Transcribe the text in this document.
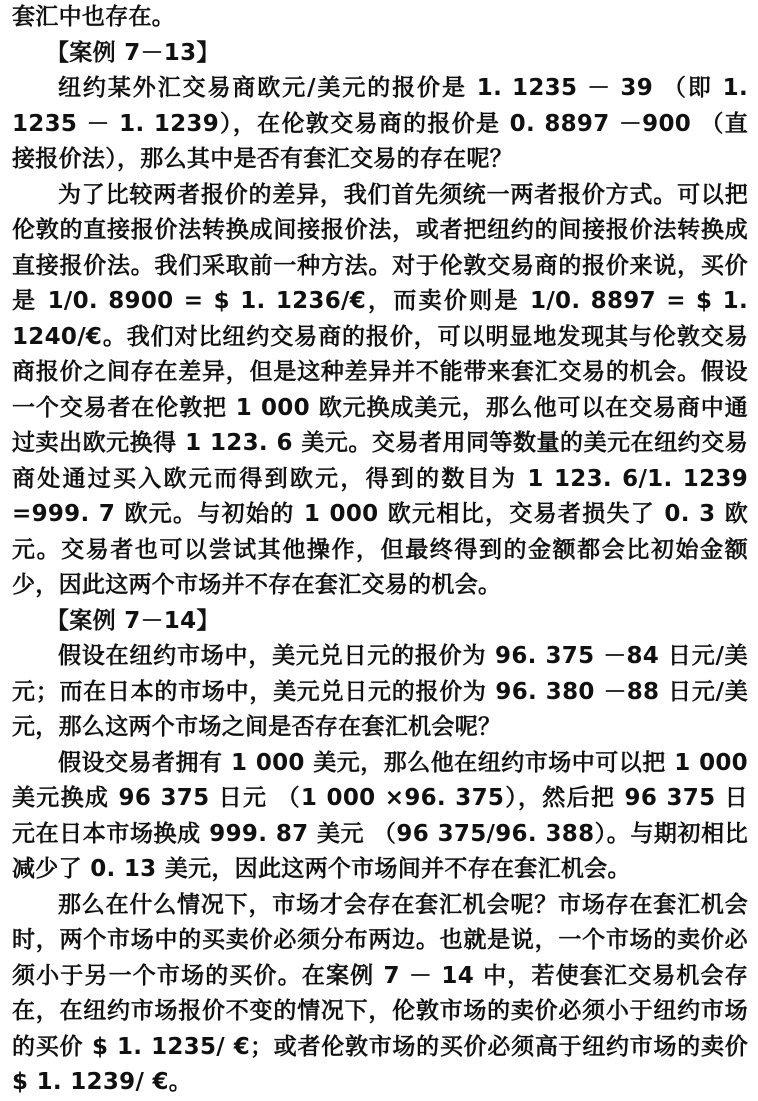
套汇中也存在。

【案例 7－13】

纽约某外汇交易商欧元/美元的报价是 1. 1235 － 39 （即 1. 1235 － 1. 1239），在伦敦交易商的报价是 0. 8897 －900 （直接报价法），那么其中是否有套汇交易的存在呢？

为了比较两者报价的差异，我们首先须统一两者报价方式。可以把伦敦的直接报价法转换成间接报价法，或者把纽约的间接报价法转换成直接报价法。我们采取前一种方法。对于伦敦交易商的报价来说，买价是 1/0. 8900 = $ 1. 1236/€，而卖价则是 1/0. 8897 = $ 1. 1240/€。我们对比纽约交易商的报价，可以明显地发现其与伦敦交易商报价之间存在差异，但是这种差异并不能带来套汇交易的机会。假设一个交易者在伦敦把 1 000 欧元换成美元，那么他可以在交易商中通过卖出欧元换得 1 123. 6 美元。交易者用同等数量的美元在纽约交易商处通过买入欧元而得到欧元，得到的数目为 1 123. 6/1. 1239 =999. 7 欧元。与初始的 1 000 欧元相比，交易者损失了 0. 3 欧元。交易者也可以尝试其他操作，但最终得到的金额都会比初始金额少，因此这两个市场并不存在套汇交易的机会。

【案例 7－14】

假设在纽约市场中，美元兑日元的报价为 96. 375 －84 日元/美元；而在日本的市场中，美元兑日元的报价为 96. 380 －88 日元/美元，那么这两个市场之间是否存在套汇机会呢？

假设交易者拥有 1 000 美元，那么他在纽约市场中可以把 1 000 美元换成 96 375 日元 （1 000 ×96. 375），然后把 96 375 日元在日本市场换成 999. 87 美元 （96 375/96. 388）。与期初相比减少了 0. 13 美元，因此这两个市场间并不存在套汇机会。

那么在什么情况下，市场才会存在套汇机会呢？市场存在套汇机会时，两个市场中的买卖价必须分布两边。也就是说，一个市场的卖价必须小于另一个市场的买价。在案例 7 － 14 中，若使套汇交易机会存在，在纽约市场报价不变的情况下，伦敦市场的卖价必须小于纽约市场的买价 $ 1. 1235/ €；或者伦敦市场的买价必须高于纽约市场的卖价 $ 1. 1239/ €。
